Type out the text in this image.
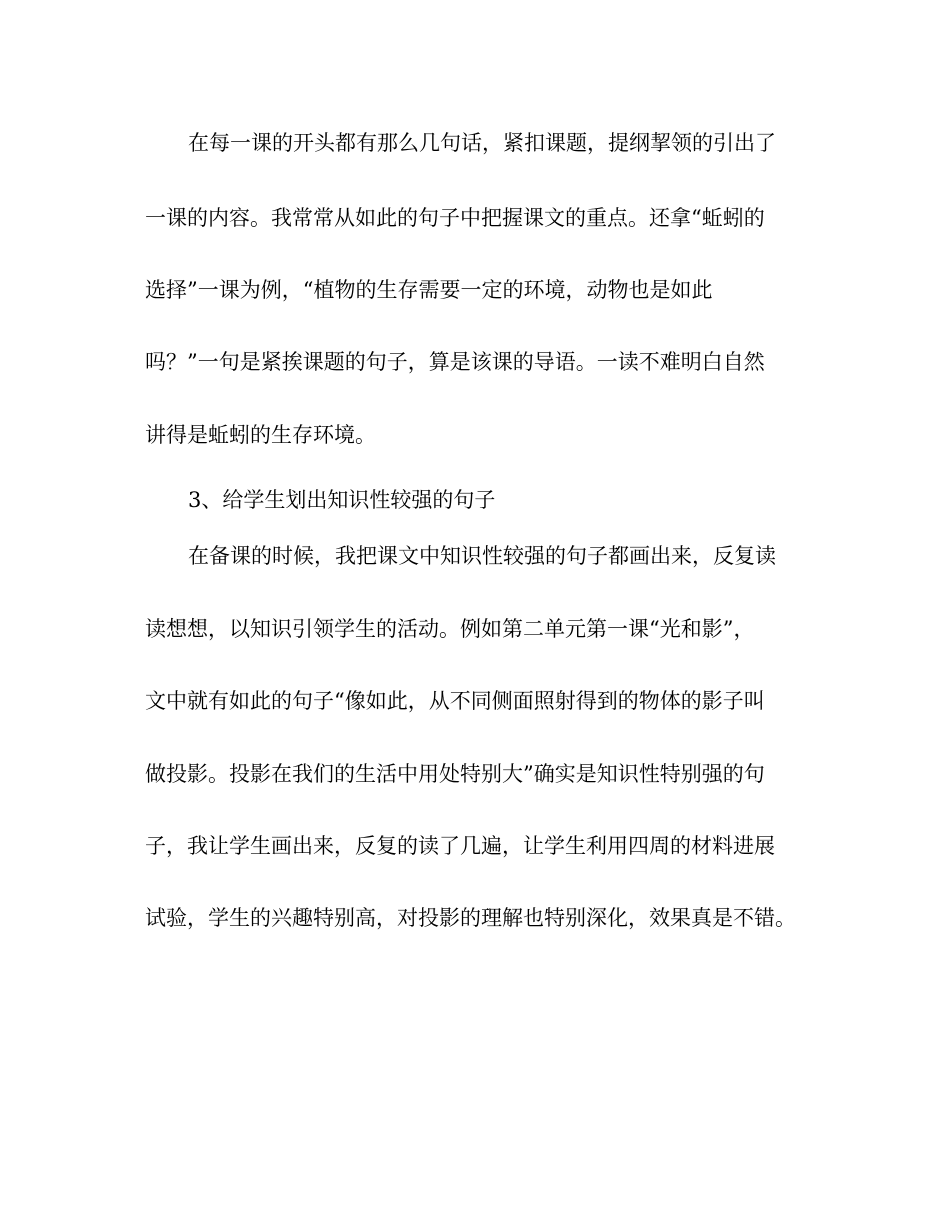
在每一课的开头都有那么几句话，紧扣课题，提纲挈领的引出了
一课的内容。我常常从如此的句子中把握课文的重点。还拿“蚯蚓的
选择”一课为例，“植物的生存需要一定的环境，动物也是如此
吗？”一句是紧挨课题的句子，算是该课的导语。一读不难明白自然
讲得是蚯蚓的生存环境。
3、给学生划出知识性较强的句子
在备课的时候，我把课文中知识性较强的句子都画出来，反复读
读想想，以知识引领学生的活动。例如第二单元第一课“光和影”，
文中就有如此的句子“像如此，从不同侧面照射得到的物体的影子叫
做投影。投影在我们的生活中用处特别大”确实是知识性特别强的句
子，我让学生画出来，反复的读了几遍，让学生利用四周的材料进展
试验，学生的兴趣特别高，对投影的理解也特别深化，效果真是不错。
